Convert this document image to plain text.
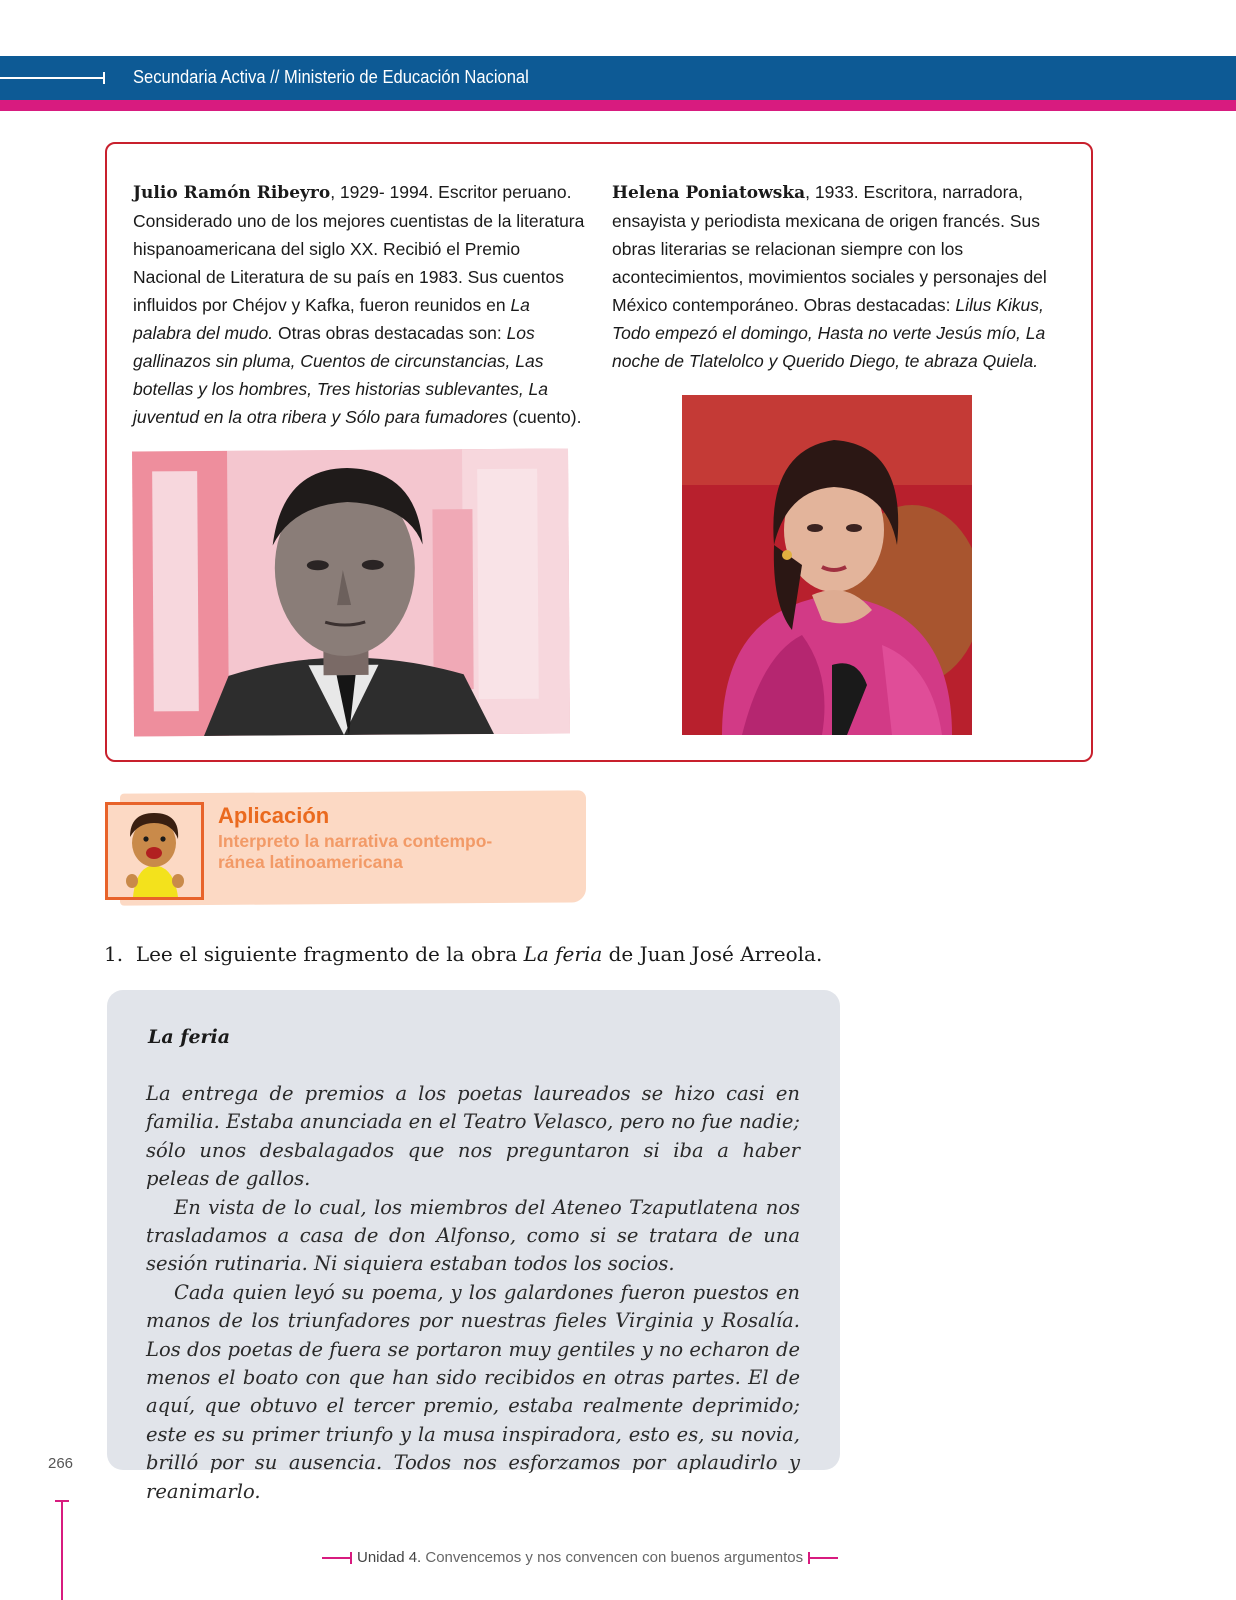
Secundaria Activa // Ministerio de Educación Nacional
Julio Ramón Ribeyro, 1929- 1994. Escritor peruano. Considerado uno de los mejores cuentistas de la literatura hispanoamericana del siglo XX. Recibió el Premio Nacional de Literatura de su país en 1983. Sus cuentos influidos por Chéjov y Kafka, fueron reunidos en La palabra del mudo. Otras obras destacadas son: Los gallinazos sin pluma, Cuentos de circunstancias, Las botellas y los hombres, Tres historias sublevantes, La juventud en la otra ribera y Sólo para fumadores (cuento).
Helena Poniatowska, 1933. Escritora, narradora, ensayista y periodista mexicana de origen francés. Sus obras literarias se relacionan siempre con los acontecimientos, movimientos sociales y personajes del México contemporáneo. Obras destacadas: Lilus Kikus, Todo empezó el domingo, Hasta no verte Jesús mío, La noche de Tlatelolco y Querido Diego, te abraza Quiela.
Aplicación
Interpreto la narrativa contempo-
ránea latinoamericana
1. Lee el siguiente fragmento de la obra La feria de Juan José Arreola.
La feria

La entrega de premios a los poetas laureados se hizo casi en familia. Estaba anunciada en el Teatro Velasco, pero no fue nadie; sólo unos desbalagados que nos preguntaron si iba a haber peleas de gallos.

En vista de lo cual, los miembros del Ateneo Tzaputlatena nos trasladamos a casa de don Alfonso, como si se tratara de una sesión rutinaria. Ni siquiera estaban todos los socios.

Cada quien leyó su poema, y los galardones fueron puestos en manos de los triunfadores por nuestras fieles Virginia y Rosalía. Los dos poetas de fuera se portaron muy gentiles y no echaron de menos el boato con que han sido recibidos en otras partes. El de aquí, que obtuvo el tercer premio, estaba realmente deprimido; este es su primer triunfo y la musa inspiradora, esto es, su novia, brilló por su ausencia. Todos nos esforzamos por aplaudirlo y reanimarlo.

266
Unidad 4. Convencemos y nos convencen con buenos argumentos
